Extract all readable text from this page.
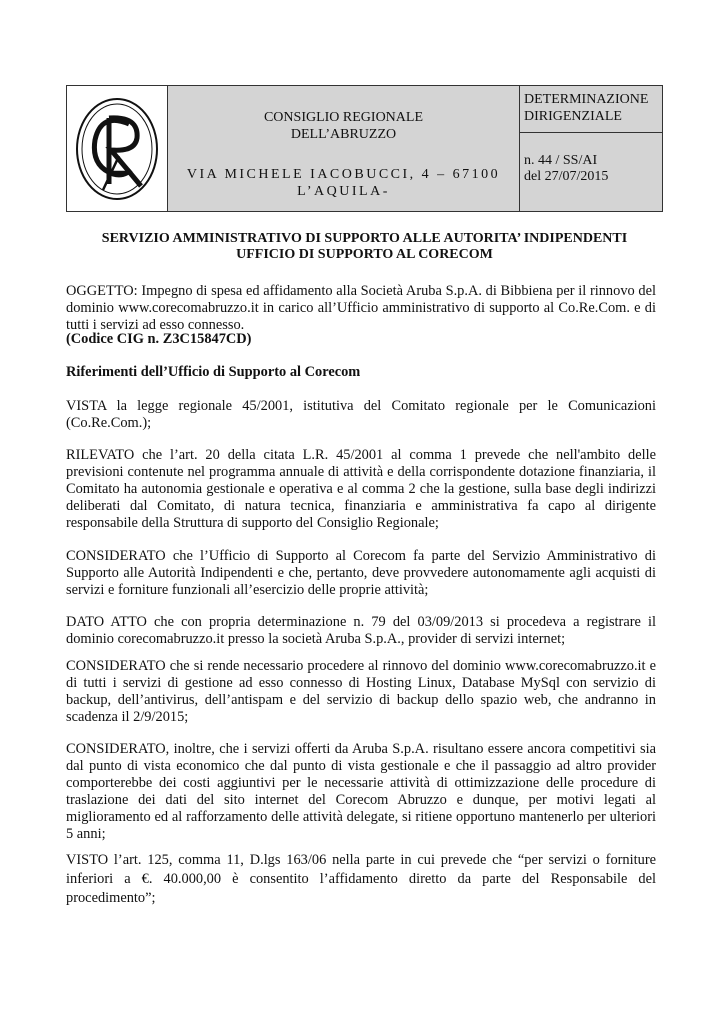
CONSIGLIO REGIONALE
DELL’ABRUZZO
VIA MICHELE IACOBUCCI, 4 – 67100
L’AQUILA-
DETERMINAZIONE
DIRIGENZIALE
n. 44 / SS/AI
del 27/07/2015
SERVIZIO AMMINISTRATIVO DI SUPPORTO ALLE AUTORITA’ INDIPENDENTI
UFFICIO DI SUPPORTO AL CORECOM

OGGETTO: Impegno di spesa ed affidamento alla Società Aruba S.p.A. di Bibbiena per il rinnovo del dominio www.corecomabruzzo.it in carico all’Ufficio amministrativo di supporto al Co.Re.Com. e di tutti i servizi ad esso connesso.

(Codice CIG n. Z3C15847CD)

Riferimenti dell’Ufficio di Supporto al Corecom

VISTA la legge regionale 45/2001, istitutiva del Comitato regionale per le Comunicazioni (Co.Re.Com.);

RILEVATO che l’art. 20 della citata L.R. 45/2001 al comma 1 prevede che nell'ambito delle previsioni contenute nel programma annuale di attività e della corrispondente dotazione finanziaria, il Comitato ha autonomia gestionale e operativa e al comma 2 che la gestione, sulla base degli indirizzi deliberati dal Comitato, di natura tecnica, finanziaria e amministrativa fa capo al dirigente responsabile della Struttura di supporto del Consiglio Regionale;

CONSIDERATO che l’Ufficio di Supporto al Corecom fa parte del Servizio Amministrativo di Supporto alle Autorità Indipendenti e che, pertanto, deve provvedere autonomamente agli acquisti di servizi e forniture funzionali all’esercizio delle proprie attività;

DATO ATTO che con propria determinazione n. 79 del 03/09/2013 si procedeva a registrare il dominio corecomabruzzo.it presso la società Aruba S.p.A., provider di servizi internet;

CONSIDERATO che si rende necessario procedere al rinnovo del dominio www.corecomabruzzo.it e di tutti i servizi di gestione ad esso connesso di Hosting Linux, Database MySql con servizio di backup, dell’antivirus, dell’antispam e del servizio di backup dello spazio web, che andranno in scadenza il 2/9/2015;

CONSIDERATO, inoltre, che i servizi offerti da Aruba S.p.A. risultano essere ancora competitivi sia dal punto di vista economico che dal punto di vista gestionale e che il passaggio ad altro provider comporterebbe dei costi aggiuntivi per le necessarie attività di ottimizzazione delle procedure di traslazione dei dati del sito internet del Corecom Abruzzo e dunque, per motivi legati al miglioramento ed al rafforzamento delle attività delegate, si ritiene opportuno mantenerlo per ulteriori 5 anni;

VISTO l’art. 125, comma 11, D.lgs 163/06 nella parte in cui prevede che “per servizi o forniture inferiori a €. 40.000,00 è consentito l’affidamento diretto da parte del Responsabile del procedimento”;
